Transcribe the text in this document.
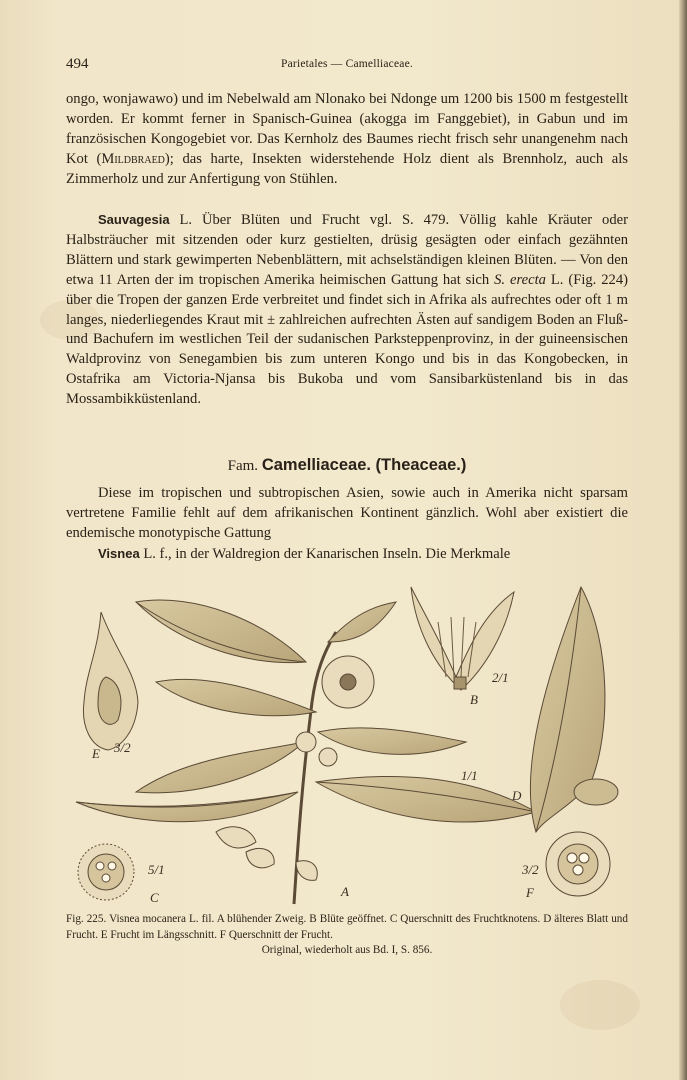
494	Parietales — Camelliaceae.
ongo, wonjawawo) und im Nebelwald am Nlonako bei Ndonge um 1200 bis 1500 m festgestellt worden. Er kommt ferner in Spanisch-Guinea (akogga im Fanggebiet), in Gabun und im französischen Kongogebiet vor. Das Kernholz des Baumes riecht frisch sehr unangenehm nach Kot (Mildbraed); das harte, Insekten widerstehende Holz dient als Brennholz, auch als Zimmerholz und zur Anfertigung von Stühlen.
Sauvagesia L. Über Blüten und Frucht vgl. S. 479. Völlig kahle Kräuter oder Halbsträucher mit sitzenden oder kurz gestielten, drüsig gesägten oder einfach gezähnten Blättern und stark gewimperten Nebenblättern, mit achselständigen kleinen Blüten. — Von den etwa 11 Arten der im tropischen Amerika heimischen Gattung hat sich S. erecta L. (Fig. 224) über die Tropen der ganzen Erde verbreitet und findet sich in Afrika als aufrechtes oder oft 1 m langes, niederliegendes Kraut mit ± zahlreichen aufrechten Ästen auf sandigem Boden an Fluß- und Bachufern im westlichen Teil der sudanischen Parksteppenprovinz, in der guineensischen Waldprovinz von Senegambien bis zum unteren Kongo und bis in das Kongobecken, in Ostafrika am Victoria-Njansa bis Bukoba und vom Sansibarküstenland bis in das Mossambikküstenland.
Fam. Camelliaceae. (Theaceae.)
Diese im tropischen und subtropischen Asien, sowie auch in Amerika nicht sparsam vertretene Familie fehlt auf dem afrikanischen Kontinent gänzlich. Wohl aber existiert die endemische monotypische Gattung
Visnea L. f., in der Waldregion der Kanarischen Inseln. Die Merkmale
E 3/2
B
2/1
1/1
D
A
C
5/1	3/2
F
Fig. 225. Visnea mocanera L. fil. A blühender Zweig. B Blüte geöffnet. C Querschnitt des Fruchtknotens. D älteres Blatt und Frucht. E Frucht im Längsschnitt. F Querschnitt der Frucht.
Original, wiederholt aus Bd. I, S. 856.
